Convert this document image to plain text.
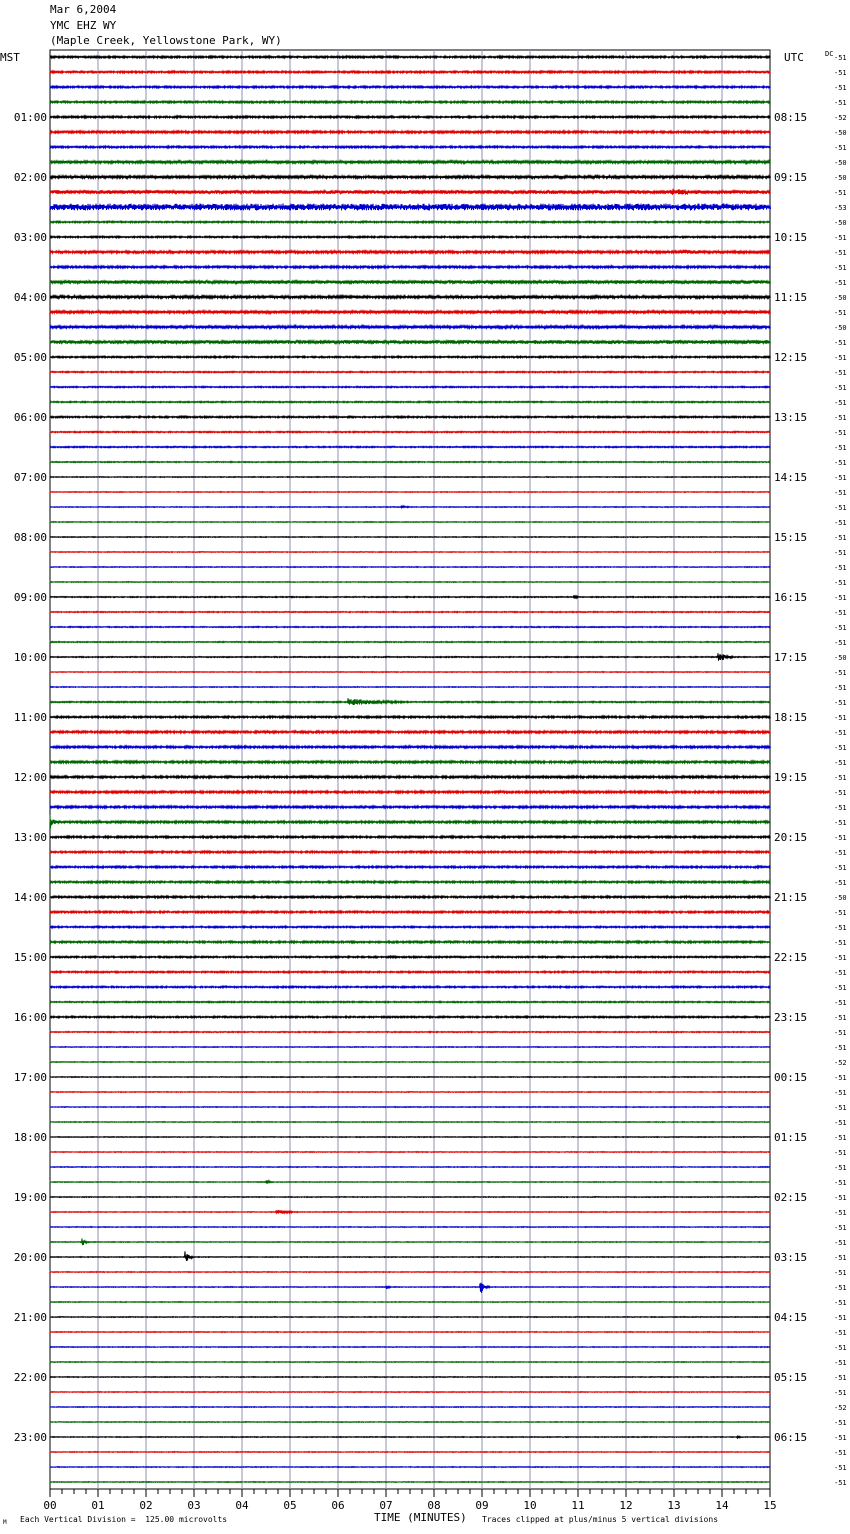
Mar 6,2004
YMC EHZ WY
(Maple Creek, Yellowstone Park, WY)
01:00
02:00
03:00
04:00
05:00
06:00
07:00
08:00
09:00
10:00
11:00
12:00
13:00
14:00
15:00
16:00
17:00
18:00
19:00
20:00
21:00
22:00
23:00
08:15
09:15
10:15
11:15
12:15
13:15
14:15
15:15
16:15
17:15
18:15
19:15
20:15
21:15
22:15
23:15
00:15
01:15
02:15
03:15
04:15
05:15
06:15
MST	UTC	DC -51
-51
-51
-51
-52
-50
-51
-50
-50
-51
-53
-50
-51
-51
-51
-51
-50
-51
-50
-51
-51
-51
-51
-51
-51
-51
-51
-51
-51
-51
-51
-51
-51
-51
-51
-51
-51
-51
-51
-51
-50
-51
-51
-51
-51
-51
-51
-51
-51
-51
-51
-51
-51
-51
-51
-51
-50
-51
-51
-51
-51
-51
-51
-51
-51
-51
-51
-52
-51
-51
-51
-51
-51
-51
-51
-51
-51
-51
-51
-51
-51
-51
-51
-51
-51
-51
-51
-51
-51
-51
-52
-51
-51
-51
-51
-51
00	01	02	03	04	05	06	07	08	09	10	11	12	13	14	15
TIME (MINUTES)
M Each Vertical Division =  125.00 microvolts	Traces clipped at plus/minus 5 vertical divisions
